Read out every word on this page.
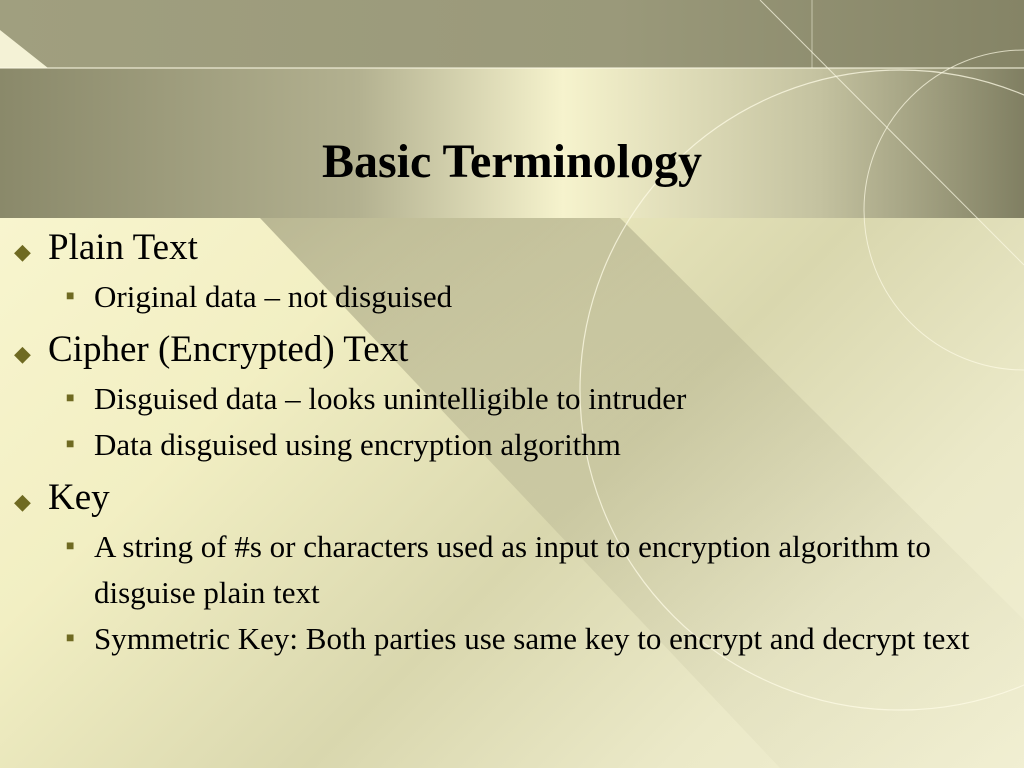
Basic Terminology
◆ Plain Text
■ Original data – not disguised
◆ Cipher (Encrypted) Text
■ Disguised data – looks unintelligible to intruder
■ Data disguised using encryption algorithm
◆ Key
■ A string of #s or characters used as input to encryption algorithm to disguise plain text
■ Symmetric Key: Both parties use same key to encrypt and decrypt text
